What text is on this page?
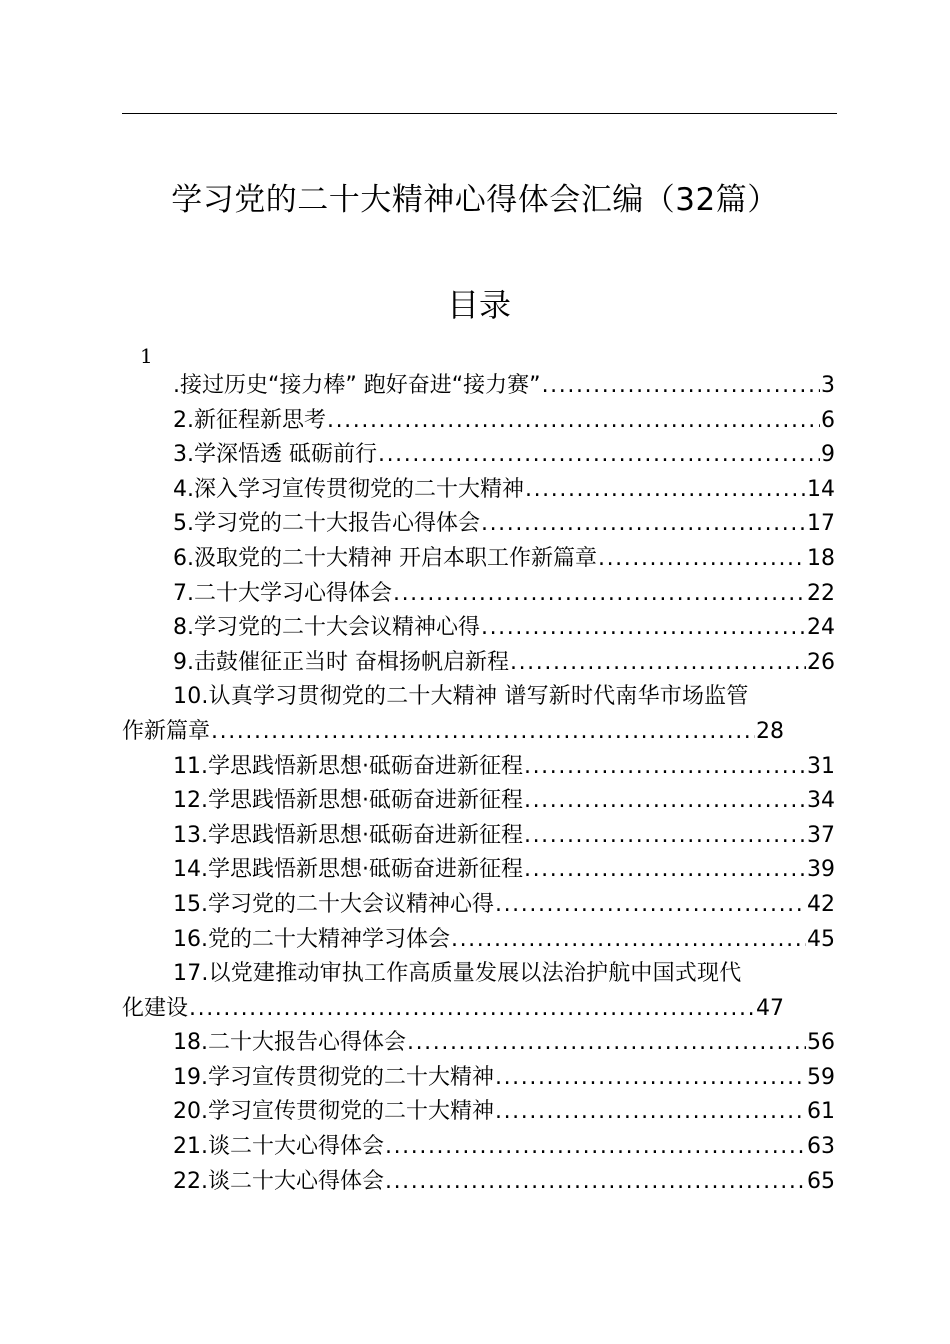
学习党的二十大精神心得体会汇编（32篇）
目录
1
.接过历史“接力棒” 跑好奋进“接力赛” .....	3
2.新征程新思考 .....	6
3.学深悟透 砥砺前行 .....	9
4.深入学习宣传贯彻党的二十大精神 .....	14
5.学习党的二十大报告心得体会 .....	17
6.汲取党的二十大精神 开启本职工作新篇章 .....	18
7.二十大学习心得体会 .....	22
8.学习党的二十大会议精神心得 .....	24
9.击鼓催征正当时 奋楫扬帆启新程 .....	26
10.认真学习贯彻党的二十大精神 谱写新时代南华市场监管
作新篇章 .....	28
11.学思践悟新思想·砥砺奋进新征程 .....	31
12.学思践悟新思想·砥砺奋进新征程 .....	34
13.学思践悟新思想·砥砺奋进新征程 .....	37
14.学思践悟新思想·砥砺奋进新征程 .....	39
15.学习党的二十大会议精神心得 .....	42
16.党的二十大精神学习体会 .....	45
17.以党建推动审执工作高质量发展以法治护航中国式现代
化建设 .....	47
18.二十大报告心得体会 .....	56
19.学习宣传贯彻党的二十大精神 .....	59
20.学习宣传贯彻党的二十大精神 .....	61
21.谈二十大心得体会 .....	63
22.谈二十大心得体会 .....	65
